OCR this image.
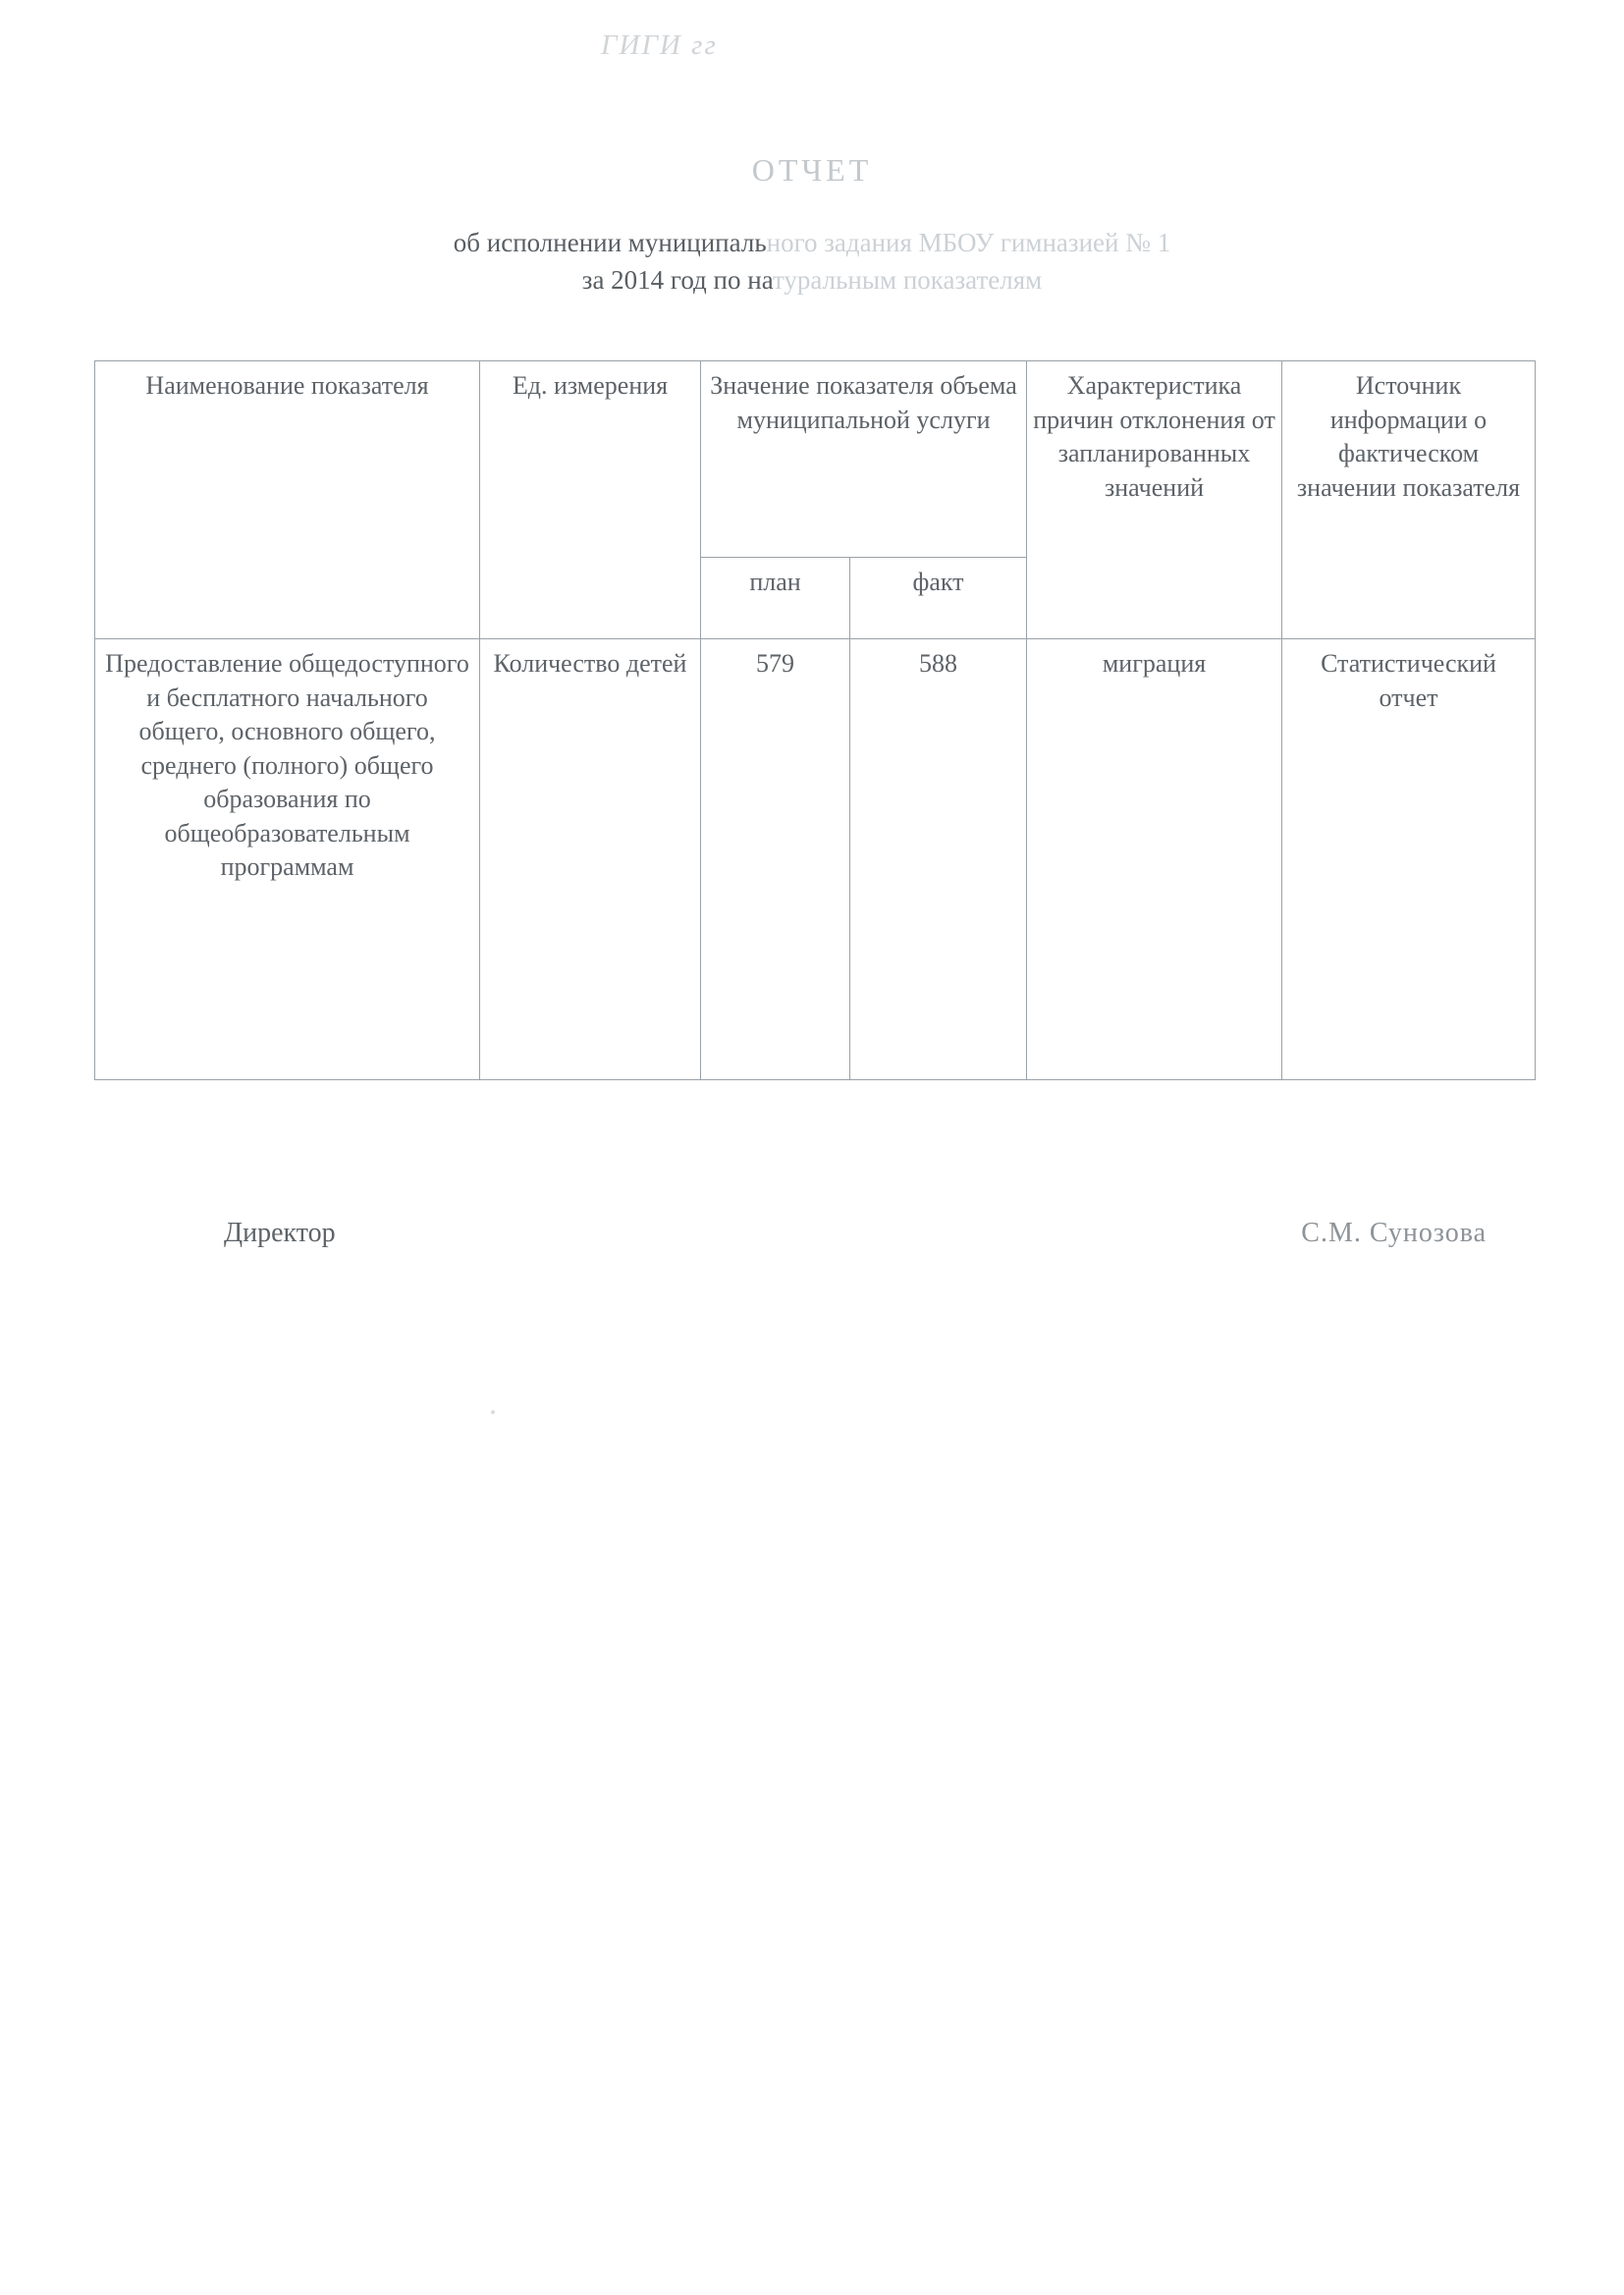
ГИГИ гг
ОТЧЕТ
об исполнении муниципального задания МБОУ гимназией № 1
за 2014 год по натуральным показателям
Наименование показателя	Ед. измерения	Значение показателя объема муниципальной услуги		Характеристика причин отклонения от запланированных значений	Источник информации о фактическом значении показателя
		план	факт		
Предоставление общедоступного и бесплатного начального общего, основного общего, среднего (полного) общего образования по общеобразовательным программам	Количество детей	579	588	миграция	Статистический отчет
Директор	С.М. Сунозова
